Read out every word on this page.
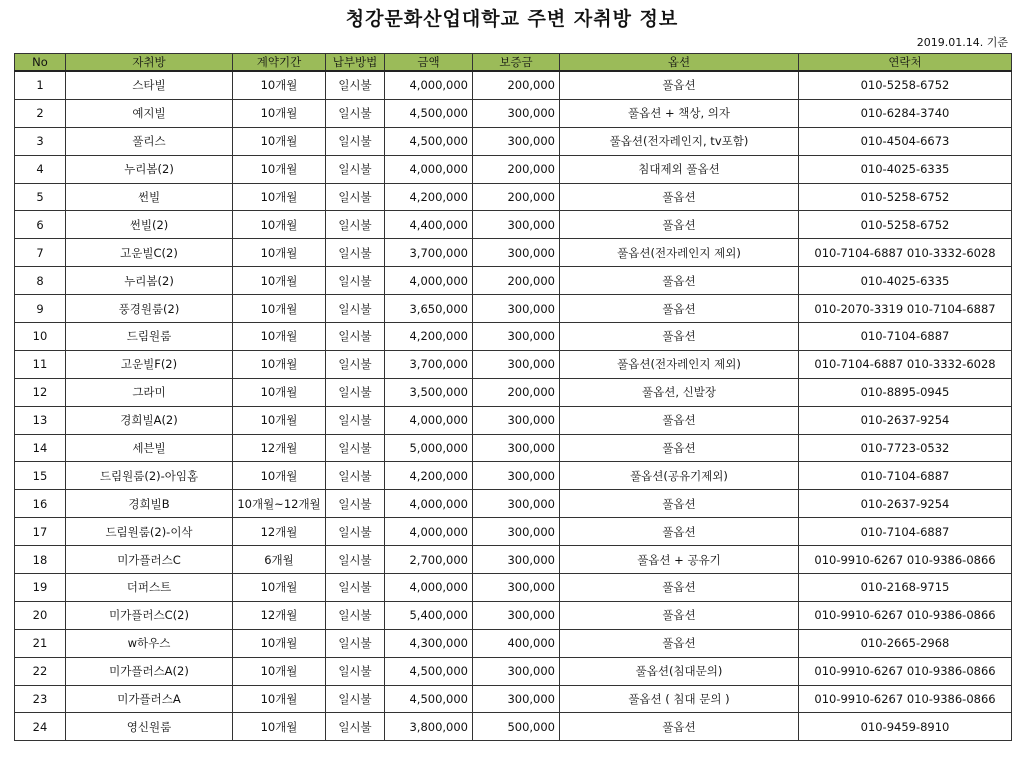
청강문화산업대학교 주변 자취방 정보
2019.01.14. 기준
No	자취방	계약기간	납부방법	금액	보증금	옵션	연락처
1	스타빌	10개월	일시불	4,000,000	200,000	풀옵션	010-5258-6752
2	예지빌	10개월	일시불	4,500,000	300,000	풀옵션 + 책상, 의자	010-6284-3740
3	풀리스	10개월	일시불	4,500,000	300,000	풀옵션(전자레인지, tv포함)	010-4504-6673
4	누리봄(2)	10개월	일시불	4,000,000	200,000	침대제외 풀옵션	010-4025-6335
5	썬빌	10개월	일시불	4,200,000	200,000	풀옵션	010-5258-6752
6	썬빌(2)	10개월	일시불	4,400,000	300,000	풀옵션	010-5258-6752
7	고운빌C(2)	10개월	일시불	3,700,000	300,000	풀옵션(전자레인지 제외)	010-7104-6887 010-3332-6028
8	누리봄(2)	10개월	일시불	4,000,000	200,000	풀옵션	010-4025-6335
9	풍경원룸(2)	10개월	일시불	3,650,000	300,000	풀옵션	010-2070-3319 010-7104-6887
10	드림원룸	10개월	일시불	4,200,000	300,000	풀옵션	010-7104-6887
11	고운빌F(2)	10개월	일시불	3,700,000	300,000	풀옵션(전자레인지 제외)	010-7104-6887 010-3332-6028
12	그라미	10개월	일시불	3,500,000	200,000	풀옵션, 신발장	010-8895-0945
13	경희빌A(2)	10개월	일시불	4,000,000	300,000	풀옵션	010-2637-9254
14	세븐빌	12개월	일시불	5,000,000	300,000	풀옵션	010-7723-0532
15	드림원룸(2)-아임홈	10개월	일시불	4,200,000	300,000	풀옵션(공유기제외)	010-7104-6887
16	경희빌B	10개월~12개월	일시불	4,000,000	300,000	풀옵션	010-2637-9254
17	드림원룸(2)-이삭	12개월	일시불	4,000,000	300,000	풀옵션	010-7104-6887
18	미가플러스C	6개월	일시불	2,700,000	300,000	풀옵션 + 공유기	010-9910-6267 010-9386-0866
19	더퍼스트	10개월	일시불	4,000,000	300,000	풀옵션	010-2168-9715
20	미가플러스C(2)	12개월	일시불	5,400,000	300,000	풀옵션	010-9910-6267 010-9386-0866
21	w하우스	10개월	일시불	4,300,000	400,000	풀옵션	010-2665-2968
22	미가플러스A(2)	10개월	일시불	4,500,000	300,000	풀옵션(침대문의)	010-9910-6267 010-9386-0866
23	미가플러스A	10개월	일시불	4,500,000	300,000	풀옵션 ( 침대 문의 )	010-9910-6267 010-9386-0866
24	영신원룸	10개월	일시불	3,800,000	500,000	풀옵션	010-9459-8910
